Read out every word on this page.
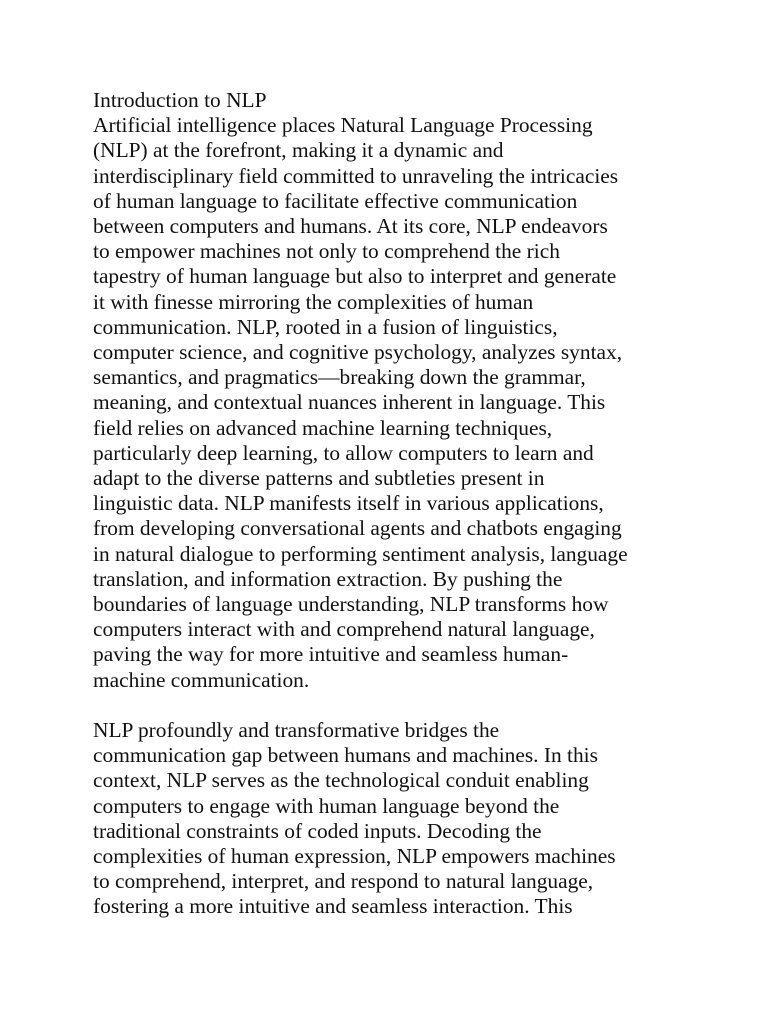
Introduction to NLP
Artificial intelligence places Natural Language Processing
(NLP) at the forefront, making it a dynamic and
interdisciplinary field committed to unraveling the intricacies
of human language to facilitate effective communication
between computers and humans. At its core, NLP endeavors
to empower machines not only to comprehend the rich
tapestry of human language but also to interpret and generate
it with finesse mirroring the complexities of human
communication. NLP, rooted in a fusion of linguistics,
computer science, and cognitive psychology, analyzes syntax,
semantics, and pragmatics—breaking down the grammar,
meaning, and contextual nuances inherent in language. This
field relies on advanced machine learning techniques,
particularly deep learning, to allow computers to learn and
adapt to the diverse patterns and subtleties present in
linguistic data. NLP manifests itself in various applications,
from developing conversational agents and chatbots engaging
in natural dialogue to performing sentiment analysis, language
translation, and information extraction. By pushing the
boundaries of language understanding, NLP transforms how
computers interact with and comprehend natural language,
paving the way for more intuitive and seamless human-
machine communication.
NLP profoundly and transformative bridges the
communication gap between humans and machines. In this
context, NLP serves as the technological conduit enabling
computers to engage with human language beyond the
traditional constraints of coded inputs. Decoding the
complexities of human expression, NLP empowers machines
to comprehend, interpret, and respond to natural language,
fostering a more intuitive and seamless interaction. This
